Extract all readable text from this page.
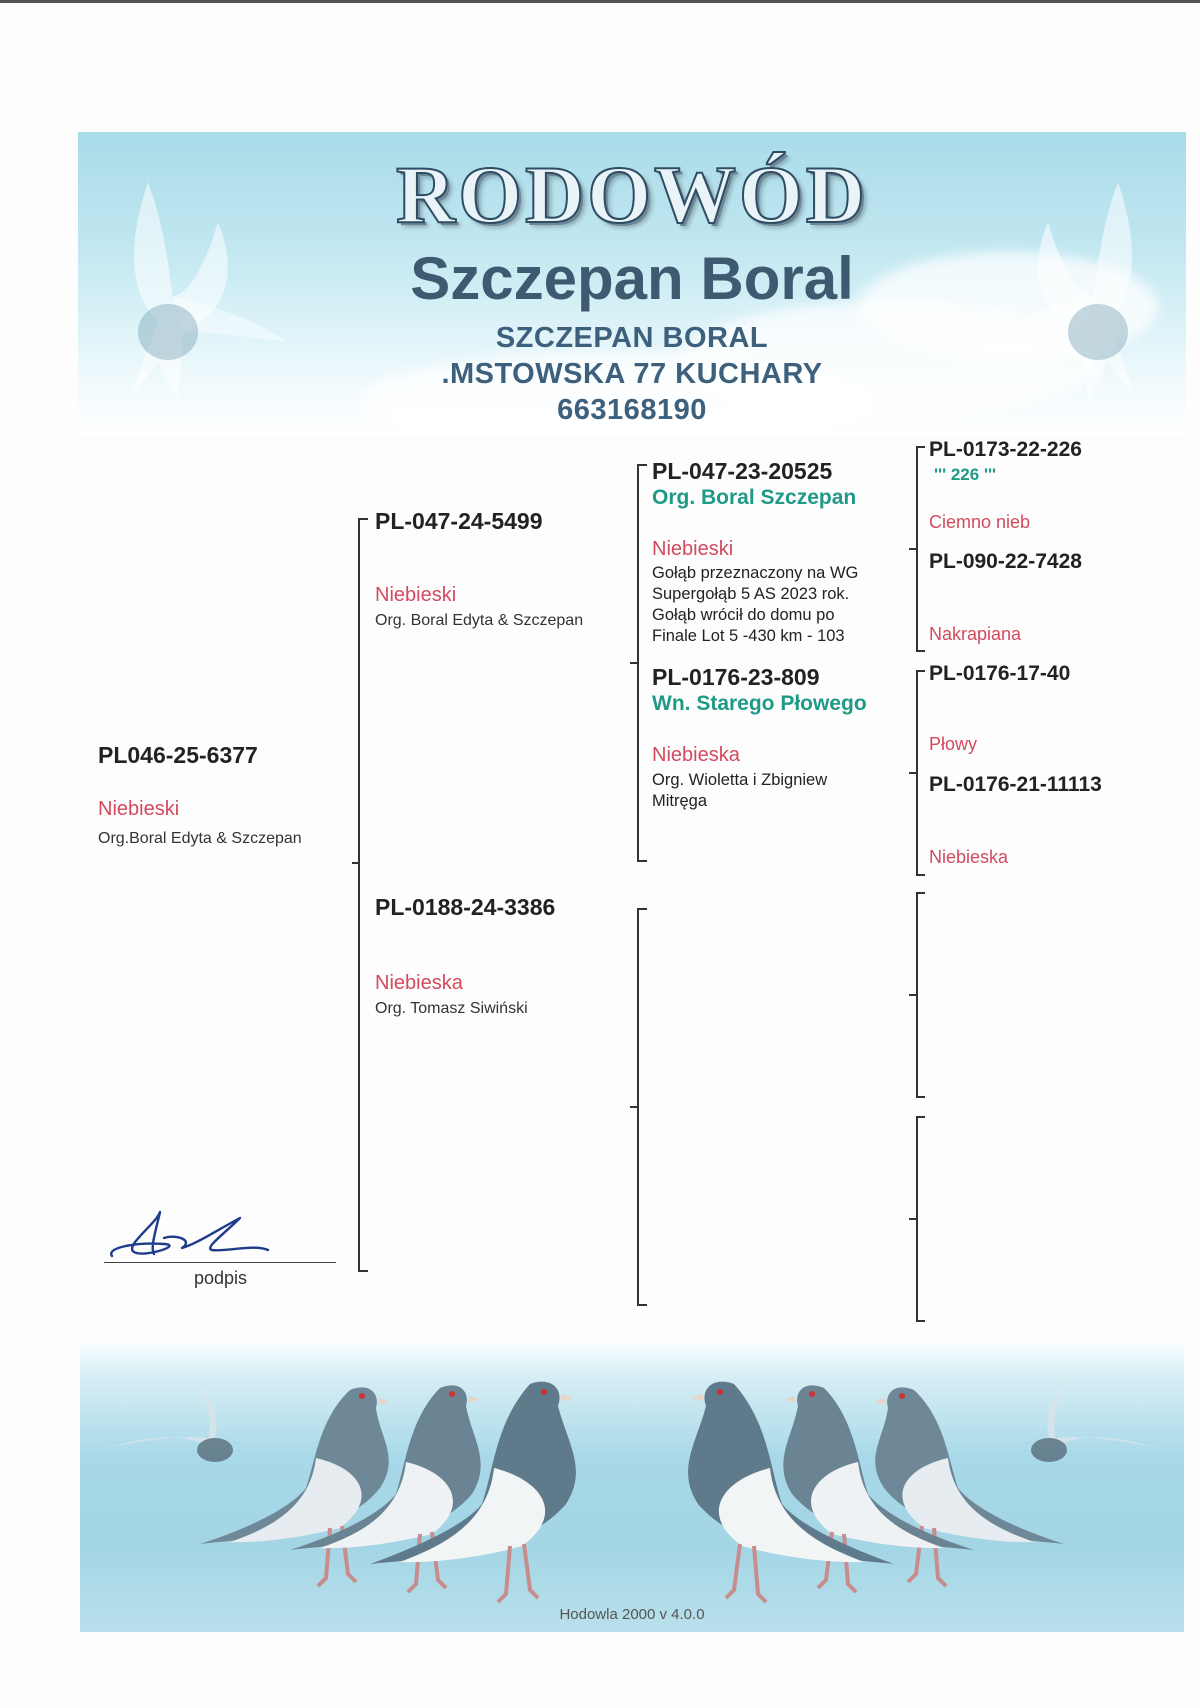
RODOWÓD
Szczepan Boral
SZCZEPAN BORAL
.MSTOWSKA 77 KUCHARY
663168190
PL046-25-6377
Niebieski
Org.Boral Edyta & Szczepan
PL-047-24-5499
Niebieski
Org. Boral Edyta & Szczepan
PL-0188-24-3386
Niebieska
Org. Tomasz Siwiński
PL-047-23-20525
Org. Boral Szczepan
Niebieski
Gołąb przeznaczony na WG
Supergołąb 5 AS 2023 rok.
Gołąb wrócił do domu po
Finale Lot 5 -430 km - 103
PL-0176-23-809
Wn. Starego Płowego
Niebieska
Org. Wioletta i Zbigniew
Mitręga
PL-0173-22-226
''' 226 '''
Ciemno nieb
PL-090-22-7428
Nakrapiana
PL-0176-17-40
Płowy
PL-0176-21-11113
Niebieska
podpis
Hodowla 2000 v 4.0.0
